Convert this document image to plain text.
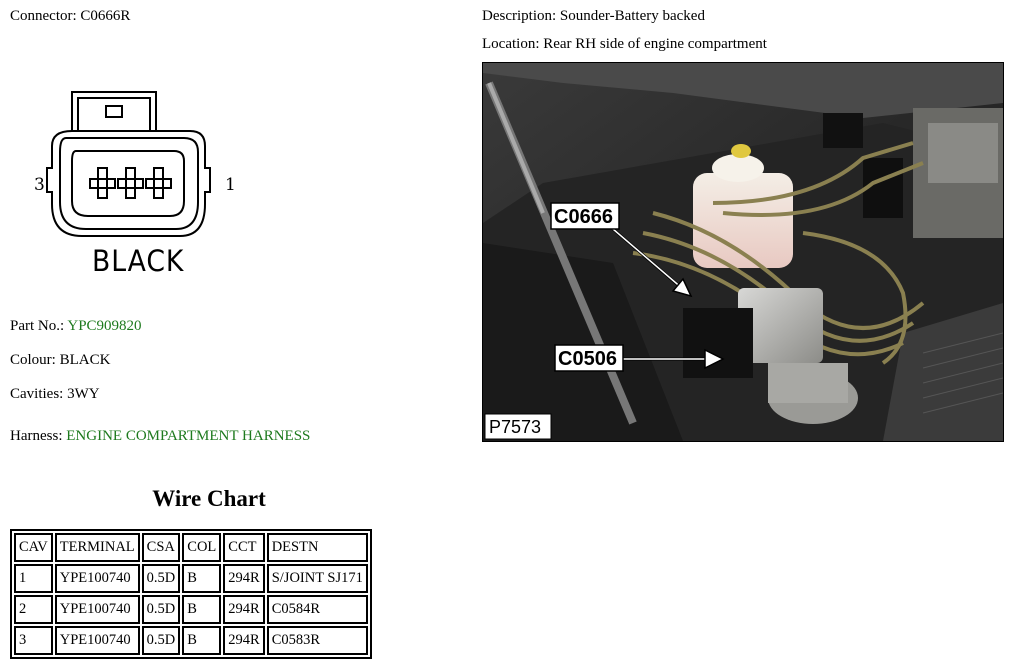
Connector: C0666R	Description: Sounder-Battery backed
Location: Rear RH side of engine compartment
3	1
BLACK
Part No.: YPC909820
Colour: BLACK
Cavities: 3WY
Harness: ENGINE COMPARTMENT HARNESS
C0666
C0506
P7573
Wire Chart
CAV	TERMINAL	CSA	COL	CCT	DESTN
1	YPE100740	0.5D	B	294R	S/JOINT SJ171
2	YPE100740	0.5D	B	294R	C0584R
3	YPE100740	0.5D	B	294R	C0583R
